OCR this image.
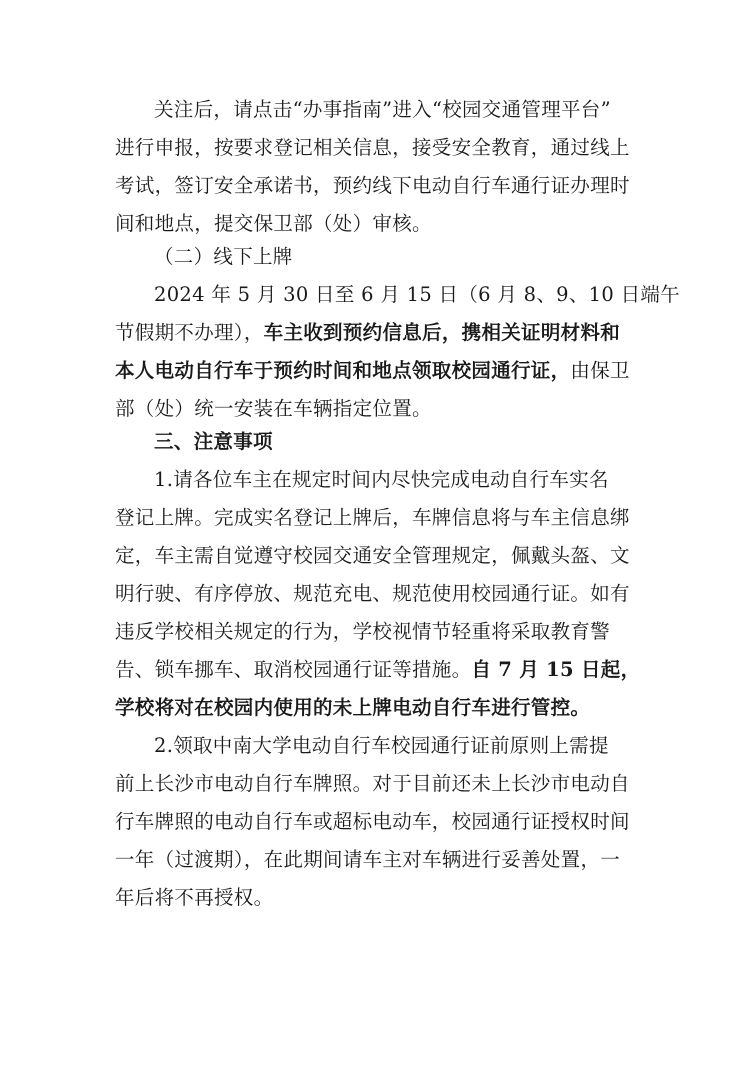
关注后，请点击“办事指南”进入“校园交通管理平台”
进行申报，按要求登记相关信息，接受安全教育，通过线上
考试，签订安全承诺书，预约线下电动自行车通行证办理时
间和地点，提交保卫部（处）审核。
（二）线下上牌
2024 年 5 月 30 日至 6 月 15 日（6 月 8、9、10 日端午
节假期不办理），车主收到预约信息后，携相关证明材料和
本人电动自行车于预约时间和地点领取校园通行证，由保卫
部（处）统一安装在车辆指定位置。
三、注意事项
1.请各位车主在规定时间内尽快完成电动自行车实名
登记上牌。完成实名登记上牌后，车牌信息将与车主信息绑
定，车主需自觉遵守校园交通安全管理规定，佩戴头盔、文
明行驶、有序停放、规范充电、规范使用校园通行证。如有
违反学校相关规定的行为，学校视情节轻重将采取教育警
告、锁车挪车、取消校园通行证等措施。自 7 月 15 日起，
学校将对在校园内使用的未上牌电动自行车进行管控。
2.领取中南大学电动自行车校园通行证前原则上需提
前上长沙市电动自行车牌照。对于目前还未上长沙市电动自
行车牌照的电动自行车或超标电动车，校园通行证授权时间
一年（过渡期），在此期间请车主对车辆进行妥善处置，一
年后将不再授权。
